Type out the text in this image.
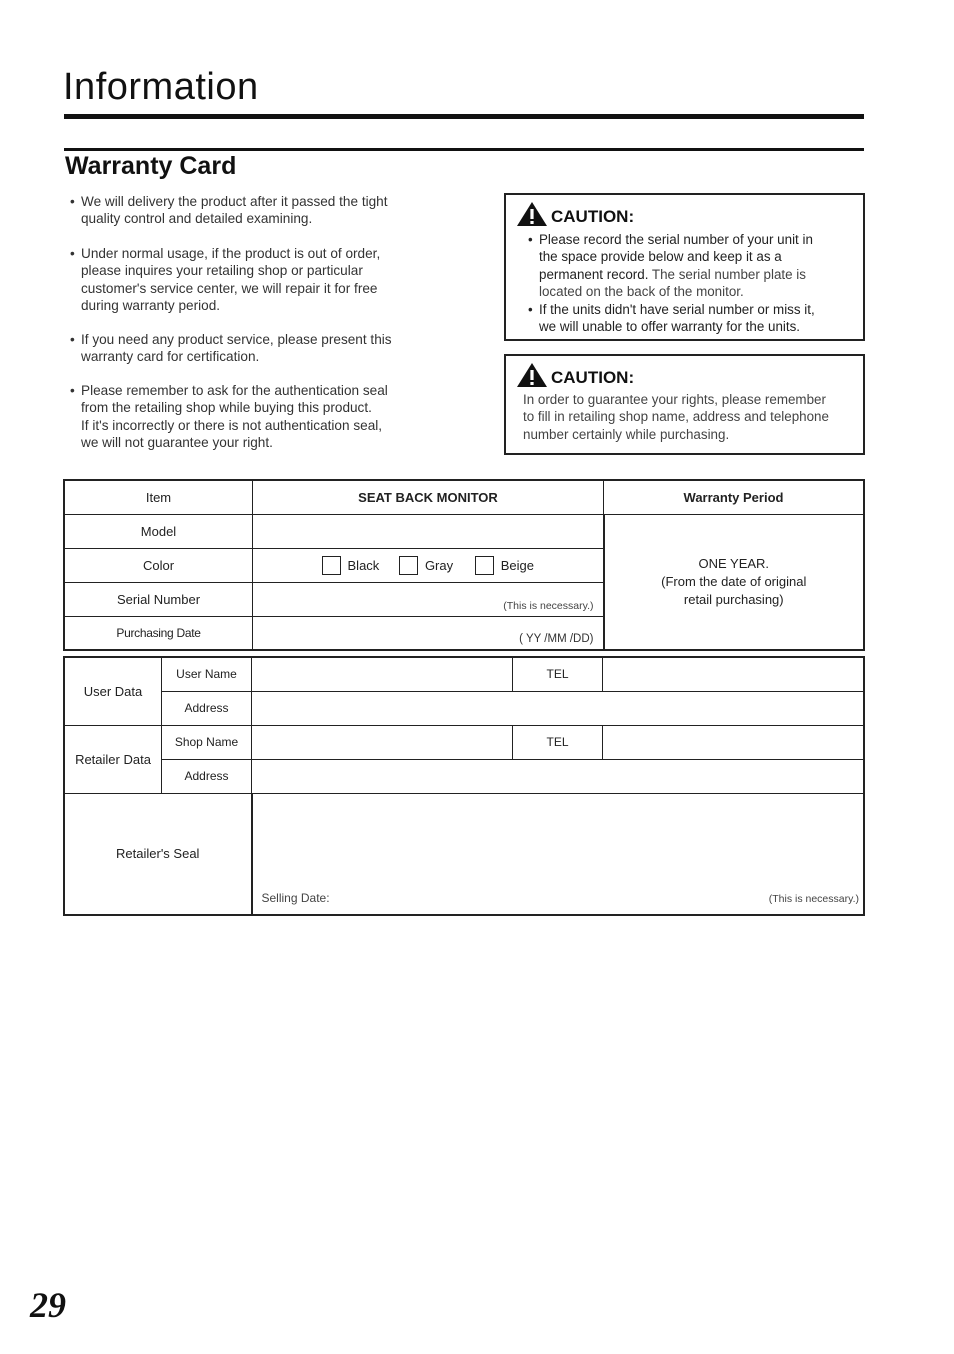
Information
Warranty Card
• We will delivery the product after it passed the tight
quality control and detailed examining.
• Under normal usage, if the product is out of order,
please inquires your retailing shop or particular
customer's service center, we will repair it for free
during warranty period.
• If you need any product service, please present this
warranty card for certification.
• Please remember to ask for the authentication seal
from the retailing shop while buying this product.
If it's incorrectly or there is not authentication seal,
we will not guarantee your right.
CAUTION:
• Please record the serial number of your unit in
the space provide below and keep it as a
permanent record. The serial number plate is
located on the back of the monitor.
• If the units didn't have serial number or miss it,
we will unable to offer warranty for the units.
CAUTION:
In order to guarantee your rights, please remember
to fill in retailing shop name, address and telephone
number certainly while purchasing.
Item	SEAT BACK MONITOR	Warranty Period
Model		ONE YEAR.
(From the date of original
retail purchasing)

Color	Black Gray Beige	
Serial Number	(This is necessary.)	
Purchasing Date	( YY /MM /DD)	
User Data	User Name		TEL	
	Address			
Retailer Data	Shop Name		TEL	
	Address			
Retailer's Seal		Selling Date: (This is necessary.)		
29
